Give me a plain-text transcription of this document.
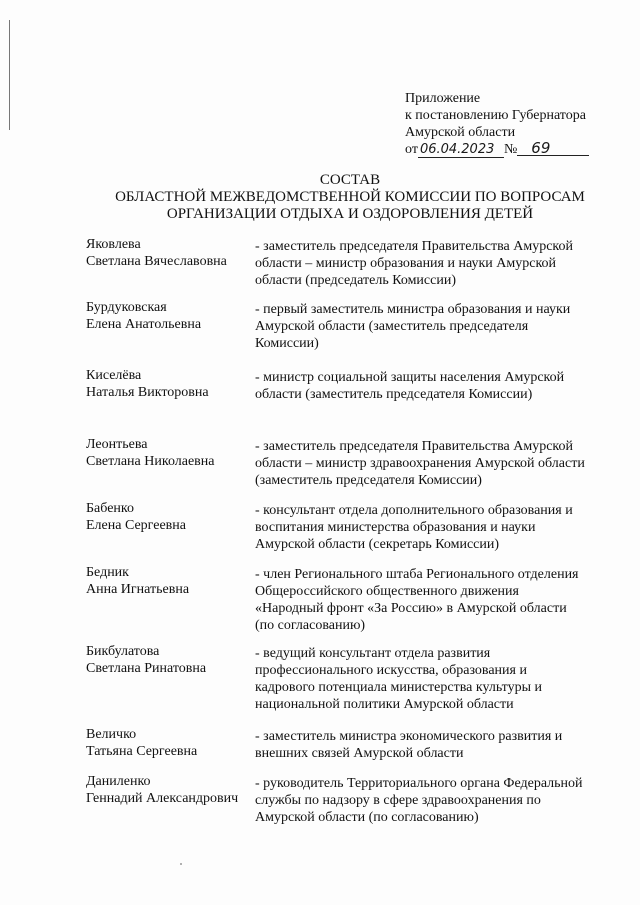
Приложение
к постановлению Губернатора
Амурской области
от 06.04.2023 № 69
СОСТАВ
ОБЛАСТНОЙ МЕЖВЕДОМСТВЕННОЙ КОМИССИИ ПО ВОПРОСАМ
ОРГАНИЗАЦИИ ОТДЫХА И ОЗДОРОВЛЕНИЯ ДЕТЕЙ
Яковлева
Светлана Вячеславовна
- заместитель председателя Правительства Амурской области – министр образования и науки Амурской области (председатель Комиссии)
Бурдуковская
Елена Анатольевна
- первый заместитель министра образования и науки Амурской области (заместитель председателя Комиссии)
Киселёва
Наталья Викторовна
- министр социальной защиты населения Амурской области (заместитель председателя Комиссии)
Леонтьева
Светлана Николаевна
- заместитель председателя Правительства Амурской области – министр здравоохранения Амурской области (заместитель председателя Комиссии)
Бабенко
Елена Сергеевна
- консультант отдела дополнительного образования и воспитания министерства образования и науки Амурской области (секретарь Комиссии)
Бедник
Анна Игнатьевна
- член Регионального штаба Регионального отделения Общероссийского общественного движения «Народный фронт «За Россию» в Амурской области (по согласованию)
Бикбулатова
Светлана Ринатовна
- ведущий консультант отдела развития профессионального искусства, образования и кадрового потенциала министерства культуры и национальной политики Амурской области
Величко
Татьяна Сергеевна
- заместитель министра экономического развития и внешних связей Амурской области
Даниленко
Геннадий Александрович
- руководитель Территориального органа Федеральной службы по надзору в сфере здравоохранения по Амурской области (по согласованию)
